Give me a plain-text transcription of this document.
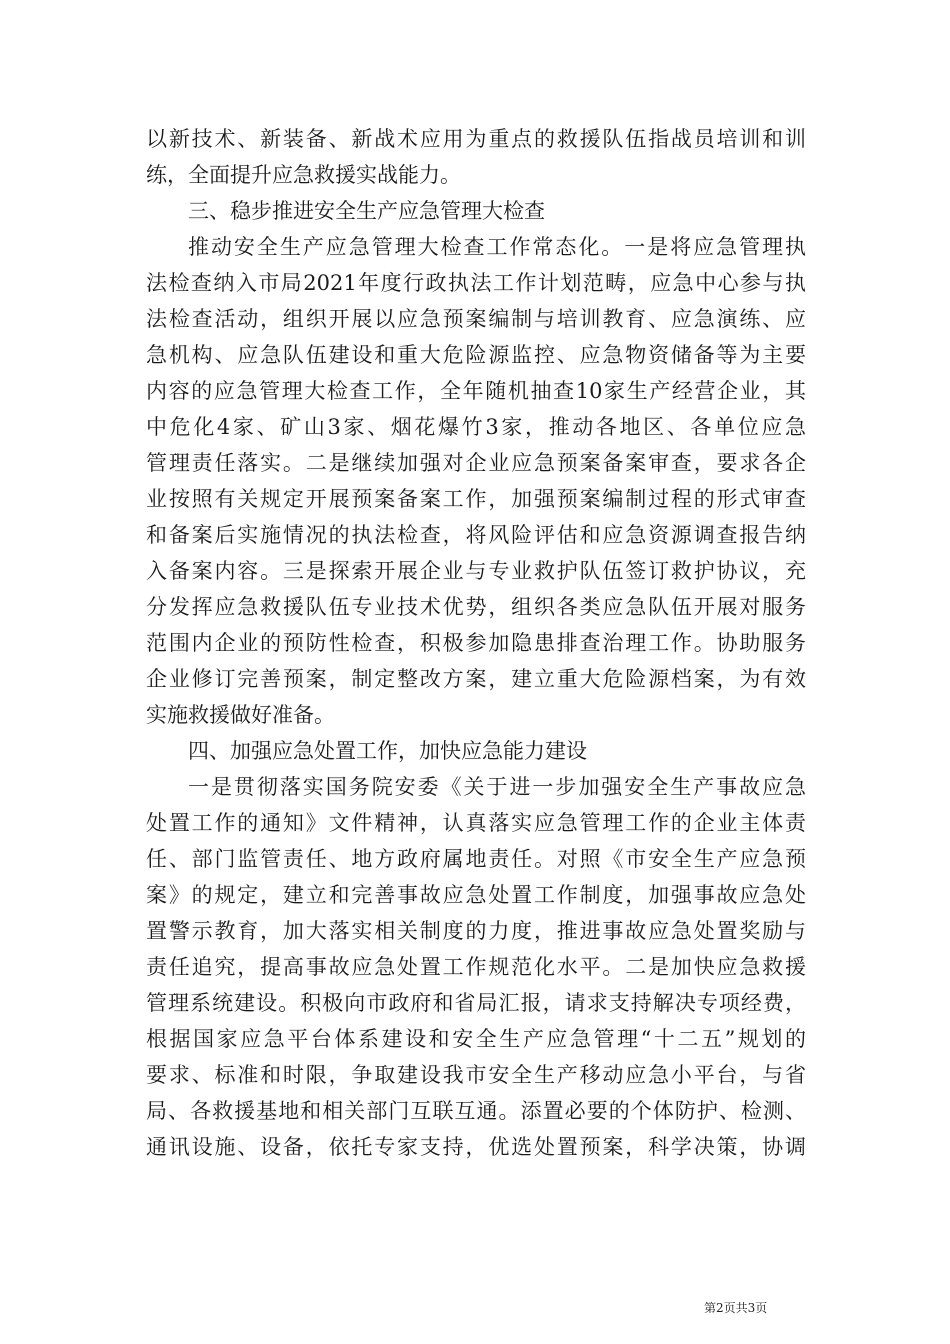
以新技术、新装备、新战术应用为重点的救援队伍指战员培训和训
练，全面提升应急救援实战能力。
三、稳步推进安全生产应急管理大检查
推动安全生产应急管理大检查工作常态化。一是将应急管理执
法检查纳入市局2021年度行政执法工作计划范畴，应急中心参与执
法检查活动，组织开展以应急预案编制与培训教育、应急演练、应
急机构、应急队伍建设和重大危险源监控、应急物资储备等为主要
内容的应急管理大检查工作，全年随机抽查10家生产经营企业，其
中危化4家、矿山3家、烟花爆竹3家，推动各地区、各单位应急
管理责任落实。二是继续加强对企业应急预案备案审查，要求各企
业按照有关规定开展预案备案工作，加强预案编制过程的形式审查
和备案后实施情况的执法检查，将风险评估和应急资源调查报告纳
入备案内容。三是探索开展企业与专业救护队伍签订救护协议，充
分发挥应急救援队伍专业技术优势，组织各类应急队伍开展对服务
范围内企业的预防性检查，积极参加隐患排查治理工作。协助服务
企业修订完善预案，制定整改方案，建立重大危险源档案，为有效
实施救援做好准备。
四、加强应急处置工作，加快应急能力建设
一是贯彻落实国务院安委《关于进一步加强安全生产事故应急
处置工作的通知》文件精神，认真落实应急管理工作的企业主体责
任、部门监管责任、地方政府属地责任。对照《市安全生产应急预
案》的规定，建立和完善事故应急处置工作制度，加强事故应急处
置警示教育，加大落实相关制度的力度，推进事故应急处置奖励与
责任追究，提高事故应急处置工作规范化水平。二是加快应急救援
管理系统建设。积极向市政府和省局汇报，请求支持解决专项经费，
根据国家应急平台体系建设和安全生产应急管理“十二五”规划的
要求、标准和时限，争取建设我市安全生产移动应急小平台，与省
局、各救援基地和相关部门互联互通。添置必要的个体防护、检测、
通讯设施、设备，依托专家支持，优选处置预案，科学决策，协调
第2页共3页
